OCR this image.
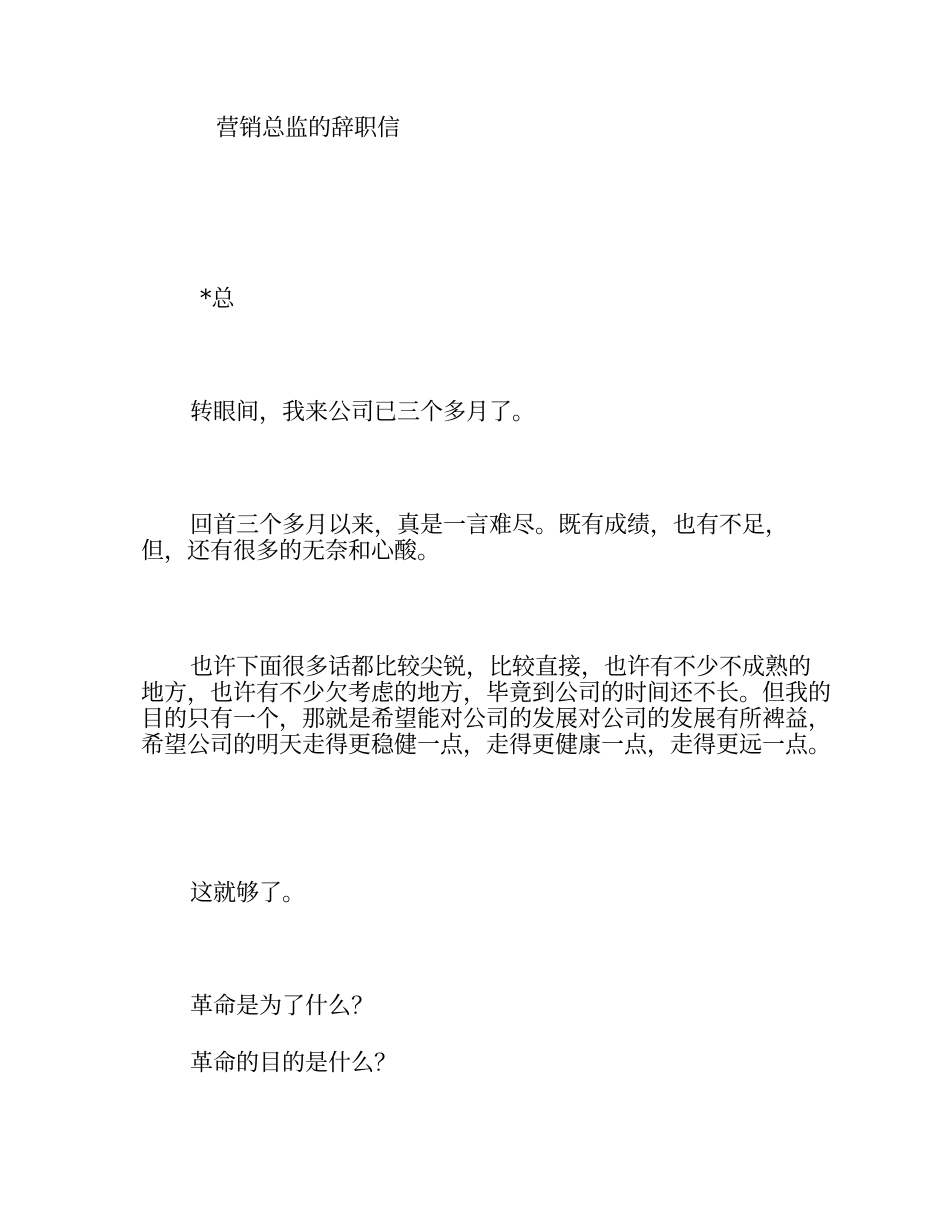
营销总监的辞职信
*总
转眼间，我来公司已三个多月了。
回首三个多月以来，真是一言难尽。既有成绩，也有不足，但，还有很多的无奈和心酸。
也许下面很多话都比较尖锐，比较直接，也许有不少不成熟的地方，也许有不少欠考虑的地方，毕竟到公司的时间还不长。但我的目的只有一个，那就是希望能对公司的发展对公司的发展有所裨益，希望公司的明天走得更稳健一点，走得更健康一点，走得更远一点。
这就够了。
革命是为了什么？
革命的目的是什么？
